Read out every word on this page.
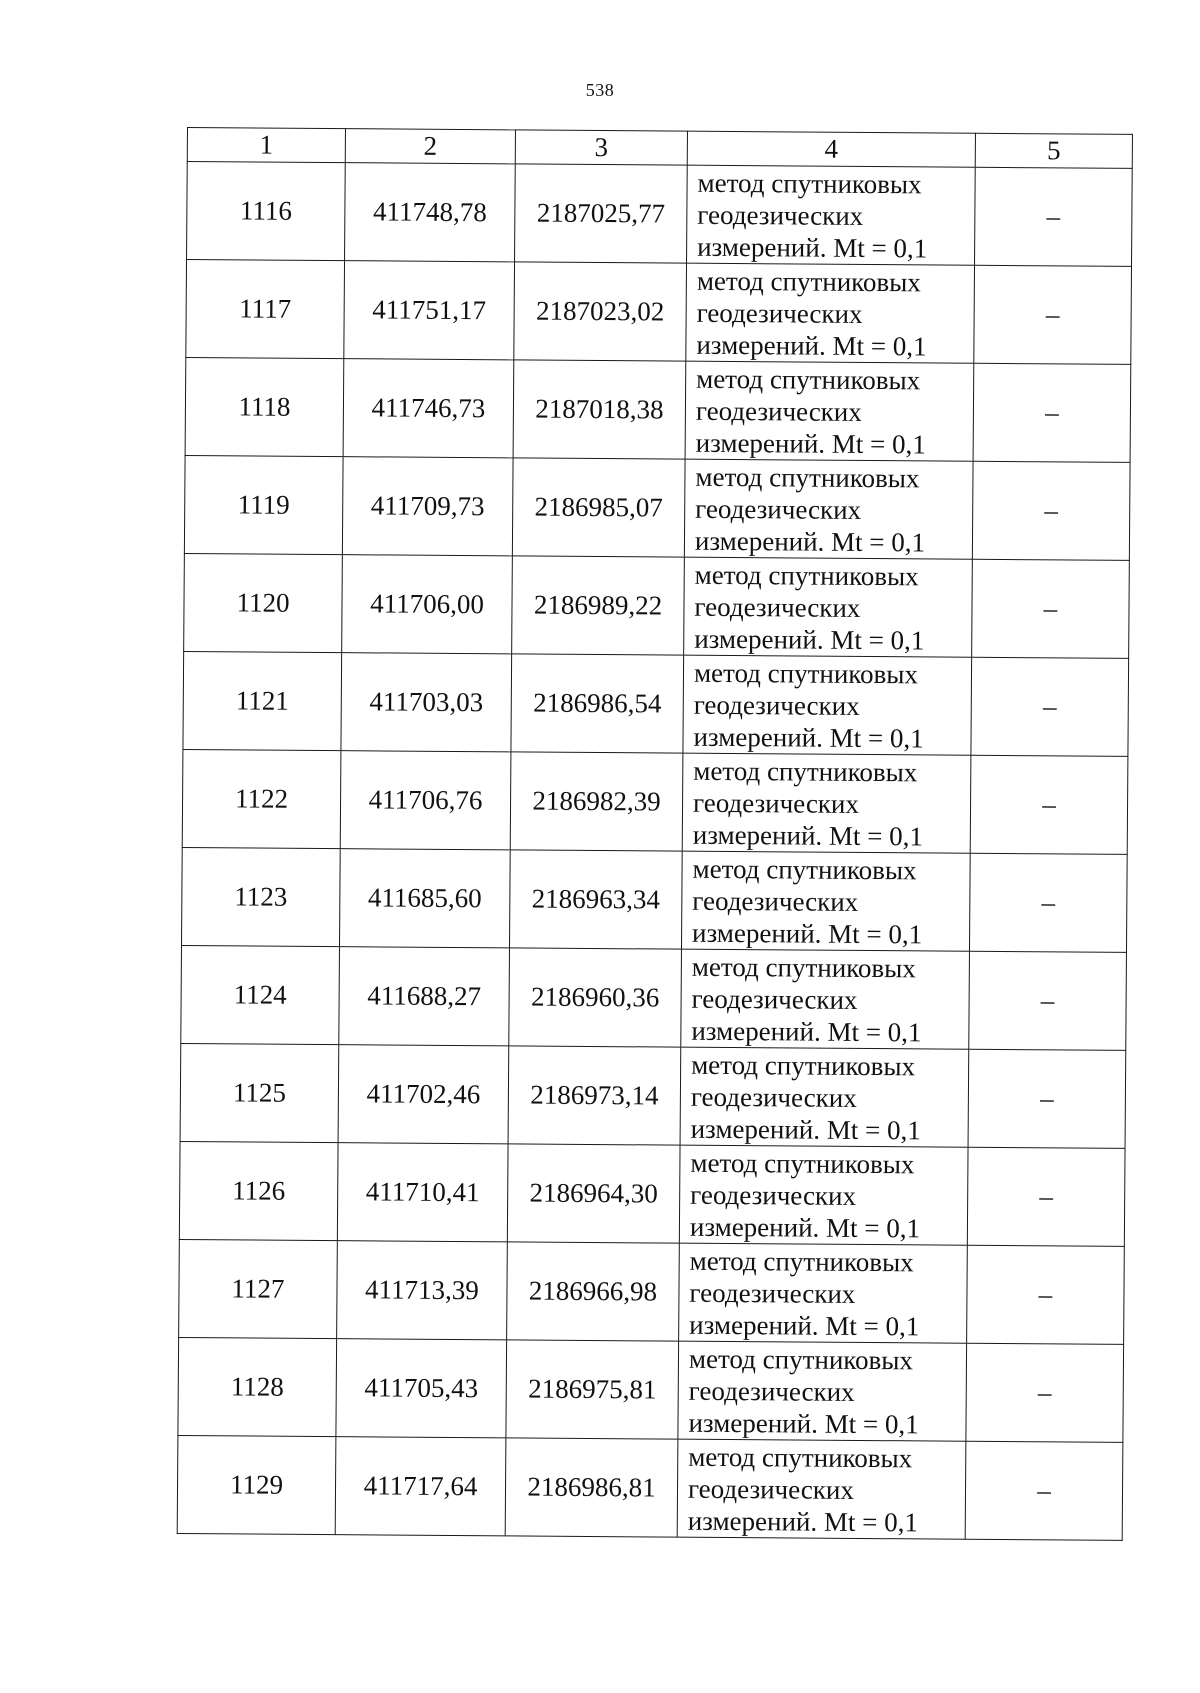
538
1	2	3	4	5
1116	411748,78	2187025,77	метод спутниковых
геодезических
измерений. Mt = 0,1	–
1117	411751,17	2187023,02	метод спутниковых
геодезических
измерений. Mt = 0,1	–
1118	411746,73	2187018,38	метод спутниковых
геодезических
измерений. Mt = 0,1	–
1119	411709,73	2186985,07	метод спутниковых
геодезических
измерений. Mt = 0,1	–
1120	411706,00	2186989,22	метод спутниковых
геодезических
измерений. Mt = 0,1	–
1121	411703,03	2186986,54	метод спутниковых
геодезических
измерений. Mt = 0,1	–
1122	411706,76	2186982,39	метод спутниковых
геодезических
измерений. Mt = 0,1	–
1123	411685,60	2186963,34	метод спутниковых
геодезических
измерений. Mt = 0,1	–
1124	411688,27	2186960,36	метод спутниковых
геодезических
измерений. Mt = 0,1	–
1125	411702,46	2186973,14	метод спутниковых
геодезических
измерений. Mt = 0,1	–
1126	411710,41	2186964,30	метод спутниковых
геодезических
измерений. Mt = 0,1	–
1127	411713,39	2186966,98	метод спутниковых
геодезических
измерений. Mt = 0,1	–
1128	411705,43	2186975,81	метод спутниковых
геодезических
измерений. Mt = 0,1	–
1129	411717,64	2186986,81	метод спутниковых
геодезических
измерений. Mt = 0,1	–
